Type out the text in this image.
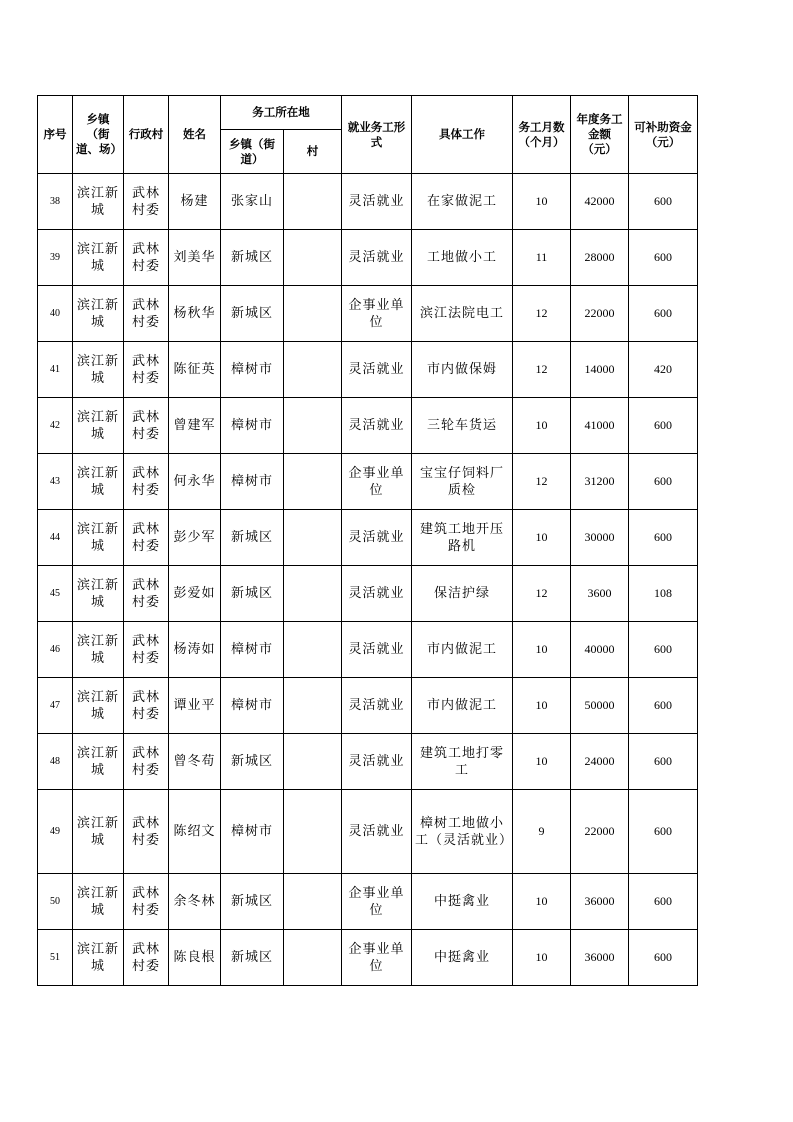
序号	乡镇（街道、场）	行政村	姓名	务工所在地		就业务工形式	具体工作	务工月数（个月）	年度务工金额（元）	可补助资金（元）
				乡镇（街道）	村					
38	滨江新城	武林村委	杨建	张家山		灵活就业	在家做泥工	10	42000	600
39	滨江新城	武林村委	刘美华	新城区		灵活就业	工地做小工	11	28000	600
40	滨江新城	武林村委	杨秋华	新城区		企事业单位	滨江法院电工	12	22000	600
41	滨江新城	武林村委	陈征英	樟树市		灵活就业	市内做保姆	12	14000	420
42	滨江新城	武林村委	曾建军	樟树市		灵活就业	三轮车货运	10	41000	600
43	滨江新城	武林村委	何永华	樟树市		企事业单位	宝宝仔饲料厂质检	12	31200	600
44	滨江新城	武林村委	彭少军	新城区		灵活就业	建筑工地开压路机	10	30000	600
45	滨江新城	武林村委	彭爱如	新城区		灵活就业	保洁护绿	12	3600	108
46	滨江新城	武林村委	杨涛如	樟树市		灵活就业	市内做泥工	10	40000	600
47	滨江新城	武林村委	谭业平	樟树市		灵活就业	市内做泥工	10	50000	600
48	滨江新城	武林村委	曾冬苟	新城区		灵活就业	建筑工地打零工	10	24000	600
49	滨江新城	武林村委	陈绍文	樟树市		灵活就业	樟树工地做小工（灵活就业）	9	22000	600
50	滨江新城	武林村委	余冬林	新城区		企事业单位	中挺禽业	10	36000	600
51	滨江新城	武林村委	陈良根	新城区		企事业单位	中挺禽业	10	36000	600
